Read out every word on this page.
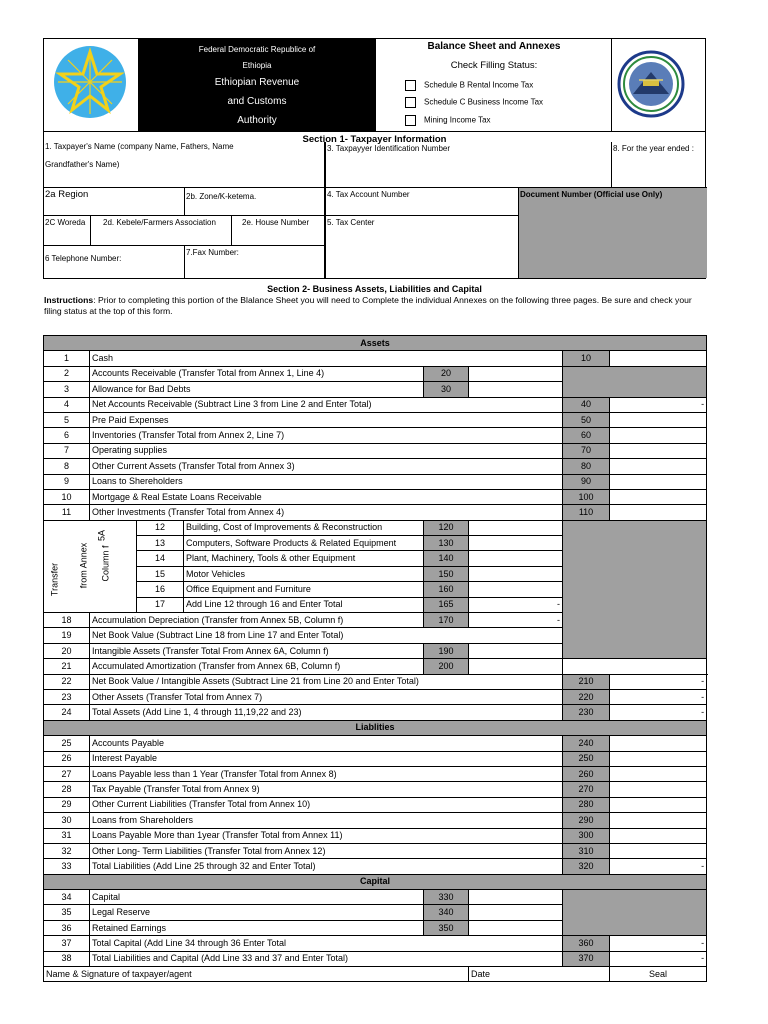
Federal Democratic Republice of
Ethiopia
Ethiopian Revenue
and Customs
Authority
Balance Sheet and Annexes
Check Filling Status:
Schedule B Rental Income Tax
Schedule C Business Income Tax
Mining Income Tax
Section 1- Taxpayer Information
1. Taxpayer's Name (company Name, Fathers, Name
Grandfather's Name)
3. Taxpayyer Identification Number	8. For the year ended :
2a Region	2b. Zone/K-ketema.	4. Tax Account Number	Document Number (Official use Only)
2C Woreda	2d. Kebele/Farmers Association	2e. House Number	5. Tax Center
6 Telephone Number:
7.Fax Number:
Section 2- Business Assets, Liabilities and Capital
Instructions: Prior to completing this portion of the Blalance Sheet you will need to Complete the individual Annexes on the following three pages. Be sure and check your filing status at the top of this form.
Assets								
1	Cash					10		
2	Accounts Receivable (Transfer Total from Annex 1, Line 4)			20				
3	Allowance for Bad Debts			30				
4	Net Accounts Receivable (Subtract Line 3 from Line 2 and Enter Total)					40	-	
5	Pre Paid Expenses					50		
6	Inventories (Transfer Total from Annex 2, Line 7)					60		
7	Operating supplies					70		
8	Other Current Assets (Transfer Total from Annex 3)					80		
9	Loans to Shereholders					90		
10	Mortgage & Real Estate Loans Receivable					100		
11	Other Investments (Transfer Total from Annex 4)					110		

Transfer from Annex
5A
Column f		12	Building, Cost of Improvements & Reconstruction	120				
		13	Computers, Software Products & Related Equipment	130				
		14	Plant, Machinery, Tools & other Equipment	140				
		15	Motor Vehicles	150				
		16	Office Equipment and Furniture	160				
		17	Add Line 12 through 16 and Enter Total	165	-			
18	Accumulation Depreciation (Transfer from Annex 5B, Column f)			170	-			
19	Net Book Value (Subtract Line 18 from Line 17 and Enter Total)		
20	Intangible Assets (Transfer Total From Annex 6A, Column f)			190				
21	Accumulated Amortization (Transfer from Annex 6B, Column f)			200				
22	Net Book Value / Intangible Assets (Subtract Line 21 from Line 20 and Enter Total)					210	-	
23	Other Assets (Transfer Total from Annex 7)					220	-	
24	Total Assets (Add Line 1, 4 through 11,19,22 and 23)					230	-	
Liablities								
25	Accounts Payable					240		
26	Interest Payable					250		
27	Loans Payable less than 1 Year (Transfer Total from Annex 8)					260		
28	Tax Payable (Transfer Total from Annex 9)					270		
29	Other Current Liabilities (Transfer Total from Annex 10)					280		
30	Loans from Shareholders					290		
31	Loans Payable More than 1year (Transfer Total from Annex 11)					300		
32	Other Long- Term Liabilities (Transfer Total from Annex 12)					310		
33	Total Liabilities (Add Line 25 through 32 and Enter Total)					320	-	
Capital								
34	Capital			330				
35	Legal Reserve			340				
36	Retained Earnings			350				
37	Total Capital (Add Line 34 through 36 Enter Total					360	-	
38	Total Liabilities and Capital (Add Line 33 and 37 and Enter Total)					370	-	
Name & Signature of taxpayer/agent					Date		Seal	
